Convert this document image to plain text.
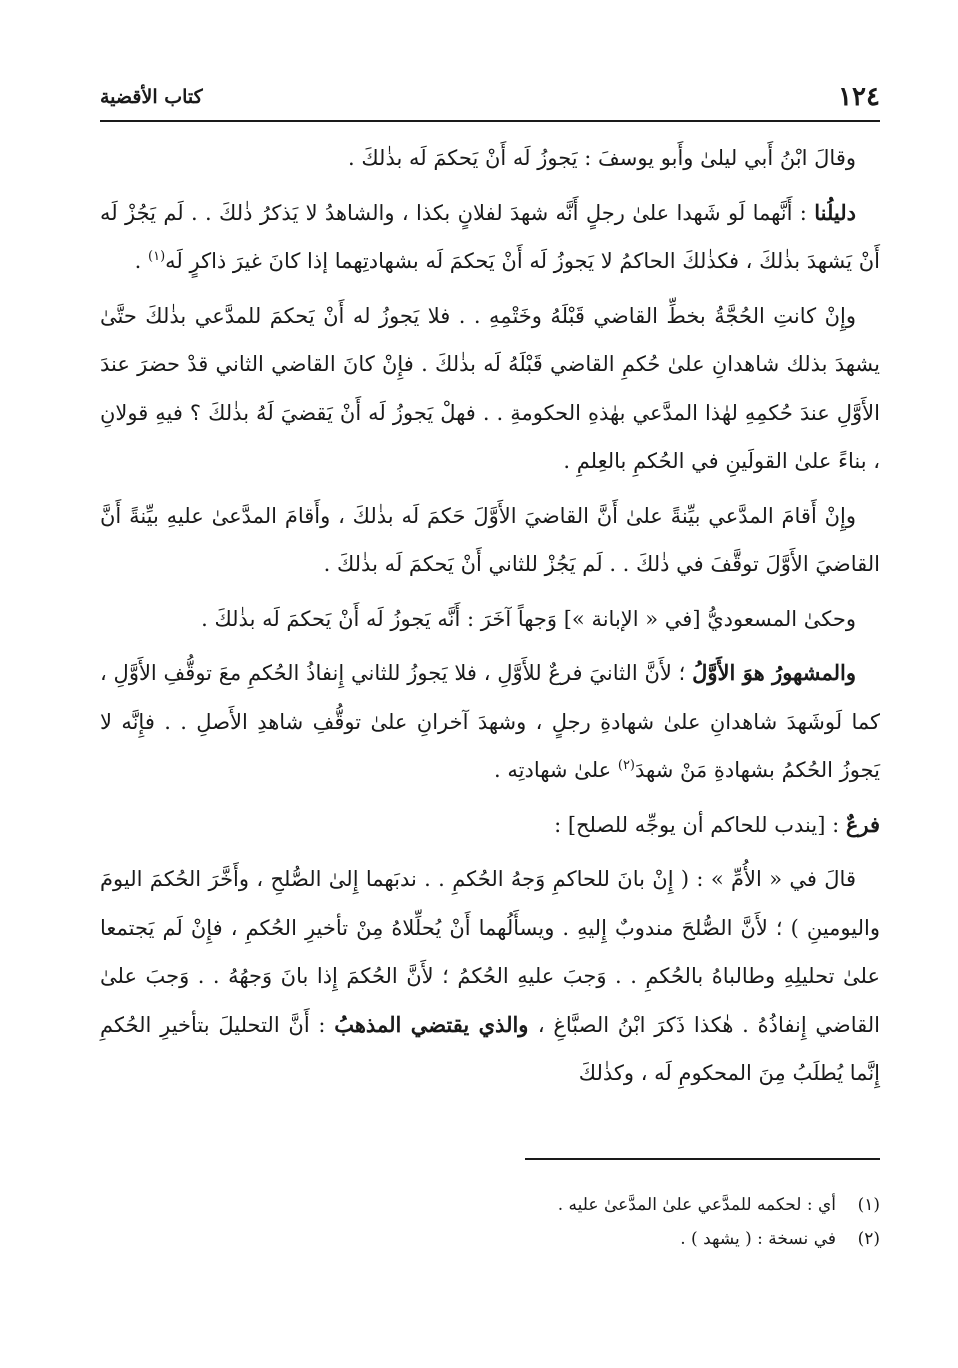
١٢٤
كتاب الأقضية

وقالَ ابْنُ أَبي ليلىٰ وأَبو يوسفَ : يَجوزُ لَه أَنْ يَحكمَ لَه بذٰلكَ .

دليلُنا : أَنَّهما لَو شَهدا علىٰ رجلٍ أَنَّه شهدَ لفلانٍ بكذا ، والشاهدُ لا يَذكرُ ذٰلكَ . . لَم يَجُزْ لَه أَنْ يَشهدَ بذٰلكَ ، فكذٰلكَ الحاكمُ لا يَجوزُ لَه أَنْ يَحكمَ لَه بشهادتِهما إذا كانَ غيرَ ذاكرٍ لَه$^{(١)}$ .

وإِنْ كانتِ الحُجَّةُ بخطِّ القاضي قَبْلَهُ وخَتْمِهِ . . فلا يَجوزُ له أَنْ يَحكمَ للمدَّعي بذٰلكَ حتَّىٰ يشهدَ بذلك شاهدانِ علىٰ حُكمِ القاضي قَبْلَهُ لَه بذٰلكَ . فإِنْ كانَ القاضي الثاني قدْ حضرَ عندَ الأَوَّلِ عندَ حُكمِهِ لهٰذا المدَّعي بهٰذهِ الحكومةِ . . فهلْ يَجوزُ لَه أَنْ يَقضيَ لَهُ بذٰلكَ ؟ فيهِ قولانِ ، بناءً علىٰ القولَينِ في الحُكمِ بالعِلمِ .

وإِنْ أَقامَ المدَّعي بيِّنةً علىٰ أَنَّ القاضيَ الأَوَّلَ حَكمَ لَه بذٰلكَ ، وأَقامَ المدَّعىٰ عليهِ بيِّنةً أَنَّ القاضيَ الأَوَّلَ توقَّفَ في ذٰلكَ . . لَم يَجُزْ للثاني أَنْ يَحكمَ لَه بذٰلكَ .

وحكىٰ المسعوديُّ [في « الإبانة »] وَجهاً آخَرَ : أَنَّه يَجوزُ لَه أَنْ يَحكمَ لَه بذٰلكَ .

والمشهورُ هوَ الأَوَّلُ ؛ لأَنَّ الثانيَ فرعٌ للأَوَّلِ ، فلا يَجوزُ للثاني إِنفاذُ الحُكمِ معَ توقُّفِ الأَوَّلِ ، كما لَوشَهدَ شاهدانِ علىٰ شهادةِ رجلٍ ، وشهدَ آخرانِ علىٰ توقُّفِ شاهدِ الأَصلِ . . فإِنَّه لا يَجوزُ الحُكمُ بشهادةِ مَنْ شهدَ$^{(٢)}$ علىٰ شهادتِه .

فرعٌ : [يندب للحاكم أن يوجِّه للصلح] :

قالَ في « الأُمِّ » : ( إِنْ بانَ للحاكمِ وَجهُ الحُكمِ . . ندبَهما إِلىٰ الصُّلحِ ، وأَخَّرَ الحُكمَ اليومَ واليومينِ ) ؛ لأَنَّ الصُّلحَ مندوبٌ إِليهِ . ويسأَلُهما أَنْ يُحلِّلاهُ مِنْ تأخيرِ الحُكمِ ، فإِنْ لَم يَجتمعا علىٰ تحليلِهِ وطالباهُ بالحُكمِ . . وَجبَ عليهِ الحُكمُ ؛ لأَنَّ الحُكمَ إِذا بانَ وَجهُهُ . . وَجبَ علىٰ القاضي إِنفاذُهُ . هٰكذا ذَكرَ ابْنُ الصبَّاغِ ، والذي يقتضي المذهبُ : أَنَّ التحليلَ بتأخيرِ الحُكمِ إِنَّما يُطلَبُ مِنَ المحكومِ لَه ، وكذٰلكَ

(١)أي : لحكمه للمدَّعي علىٰ المدَّعىٰ عليه .
(٢)في نسخة : ( يشهد ) .
